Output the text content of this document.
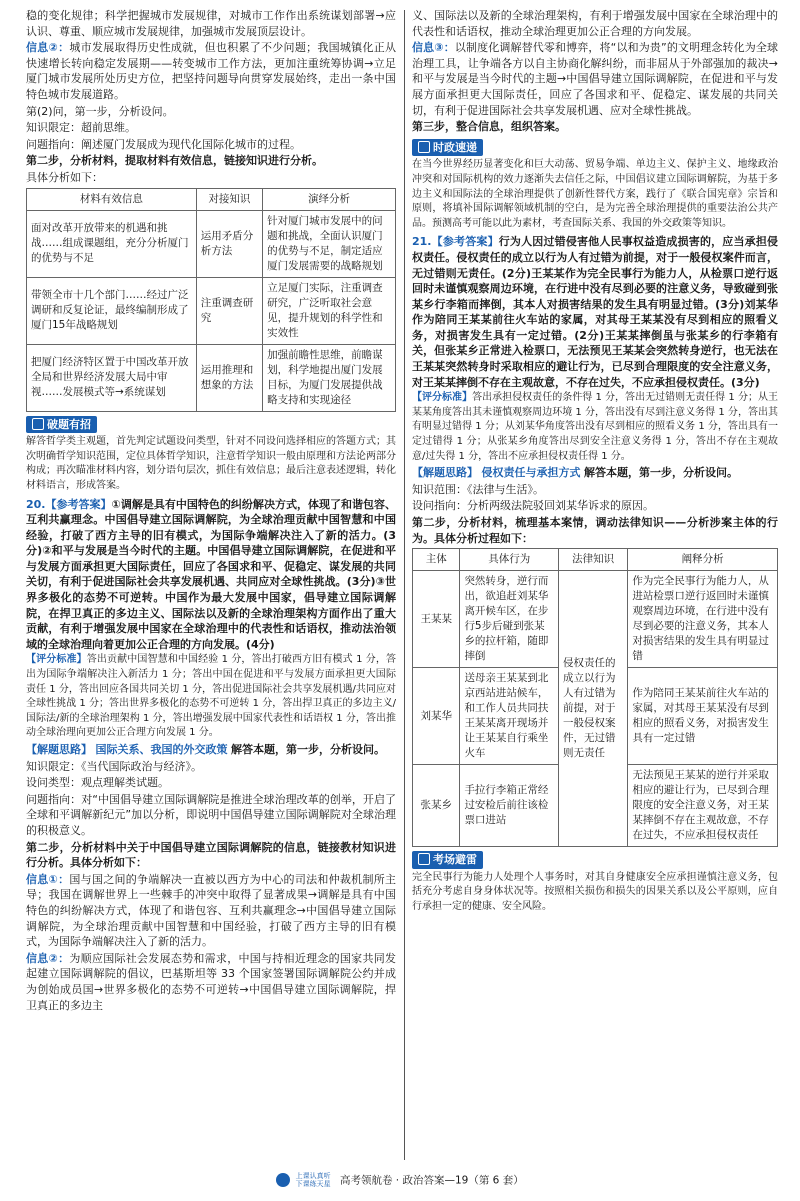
稳的变化规律；科学把握城市发展规律，对城市工作作出系统谋划部署→应认识、尊重、顺应城市发展规律，加强城市发展顶层设计。

信息②：城市发展取得历史性成就，但也积累了不少问题；我国城镇化正从快速增长转向稳定发展期——转变城市工作方法，更加注重统筹协调→立足厦门城市发展所处历史方位，把坚持问题导向贯穿发展始终，走出一条中国特色城市发展道路。

第(2)问，第一步，分析设问。

知识限定：超前思维。

问题指向：阐述厦门发展成为现代化国际化城市的过程。

第二步，分析材料，提取材料有效信息，链接知识进行分析。

具体分析如下：

材料有效信息	对接知识	演绎分析
面对改革开放带来的机遇和挑战……组成课题组，充分分析厦门的优势与不足	运用矛盾分析方法	针对厦门城市发展中的问题和挑战，全面认识厦门的优势与不足，制定适应厦门发展需要的战略规划
带领全市十几个部门……经过广泛调研和反复论证，最终编制形成了厦门15年战略规划	注重调查研究	立足厦门实际，注重调查研究，广泛听取社会意见，提升规划的科学性和实效性
把厦门经济特区置于中国改革开放全局和世界经济发展大局中审视……发展模式等→系统谋划	运用推理和想象的方法	加强前瞻性思维，前瞻谋划，科学地提出厦门发展目标，为厦门发展提供战略支持和实现途径
破题有招

解答哲学类主观题，首先判定试题设问类型，针对不同设问选择相应的答题方式；其次明确哲学知识范围，定位具体哲学知识，注意哲学知识一般由原理和方法论两部分构成；再次瞄准材料内容，划分语句层次，抓住有效信息；最后注意表述逻辑，转化材料语言，形成答案。

20.【参考答案】①调解是具有中国特色的纠纷解决方式，体现了和谐包容、互利共赢理念。中国倡导建立国际调解院，为全球治理贡献中国智慧和中国经验，打破了西方主导的旧有模式，为国际争端解决注入了新的活力。(3分)②和平与发展是当今时代的主题。中国倡导建立国际调解院，在促进和平与发展方面承担更大国际责任，回应了各国求和平、促稳定、谋发展的共同关切，有利于促进国际社会共享发展机遇、共同应对全球性挑战。(3分)③世界多极化的态势不可逆转。中国作为最大发展中国家，倡导建立国际调解院，在捍卫真正的多边主义、国际法以及新的全球治理架构方面作出了重大贡献，有利于增强发展中国家在全球治理中的代表性和话语权，推动法治领域的全球治理向着更加公正合理的方向发展。(4分)

【评分标准】答出贡献中国智慧和中国经验 1 分，答出打破西方旧有模式 1 分，答出为国际争端解决注入新活力 1 分；答出中国在促进和平与发展方面承担更大国际责任 1 分，答出回应各国共同关切 1 分，答出促进国际社会共享发展机遇/共同应对全球性挑战 1 分；答出世界多极化的态势不可逆转 1 分，答出捍卫真正的多边主义/国际法/新的全球治理架构 1 分，答出增强发展中国家代表性和话语权 1 分，答出推动全球治理向更加公正合理方向发展 1 分。

【解题思路】 国际关系、我国的外交政策 解答本题，第一步，分析设问。

知识限定：《当代国际政治与经济》。

设问类型：观点理解类试题。

问题指向：对“中国倡导建立国际调解院是推进全球治理改革的创举，开启了全球和平调解新纪元”加以分析，即说明中国倡导建立国际调解院对全球治理的积极意义。

第二步，分析材料中关于中国倡导建立国际调解院的信息，链接教材知识进行分析。具体分析如下：

信息①：国与国之间的争端解决一直被以西方为中心的司法和仲裁机制所主导；我国在调解世界上一些棘手的冲突中取得了显著成果→调解是具有中国特色的纠纷解决方式，体现了和谐包容、互利共赢理念→中国倡导建立国际调解院，为全球治理贡献中国智慧和中国经验，打破了西方主导的旧有模式，为国际争端解决注入了新的活力。

信息②：为顺应国际社会发展态势和需求，中国与持相近理念的国家共同发起建立国际调解院的倡议，巴基斯坦等 33 个国家签署国际调解院公约并成为创始成员国→世界多极化的态势不可逆转→中国倡导建立国际调解院，捍卫真正的多边主

义、国际法以及新的全球治理架构，有利于增强发展中国家在全球治理中的代表性和话语权，推动全球治理更加公正合理的方向发展。

信息③：以制度化调解替代零和博弈，将“以和为贵”的文明理念转化为全球治理工具，让争端各方以自主协商化解纠纷，而非屈从于外部强加的裁决→和平与发展是当今时代的主题→中国倡导建立国际调解院，在促进和平与发展方面承担更大国际责任，回应了各国求和平、促稳定、谋发展的共同关切，有利于促进国际社会共享发展机遇、应对全球性挑战。

第三步，整合信息，组织答案。

时政速递

在当今世界经历显著变化和巨大动荡、贸易争端、单边主义、保护主义、地缘政治冲突和对国际机构的效力逐渐失去信任之际，中国倡议建立国际调解院，为基于多边主义和国际法的全球治理提供了创新性替代方案，践行了《联合国宪章》宗旨和原则，将填补国际调解领域机制的空白，是为完善全球治理提供的重要法治公共产品。预测高考可能以此为素材，考查国际关系、我国的外交政策等知识。

21.【参考答案】行为人因过错侵害他人民事权益造成损害的，应当承担侵权责任。侵权责任的成立以行为人有过错为前提，对于一般侵权案件而言，无过错则无责任。(2分)王某某作为完全民事行为能力人，从检票口逆行返回时未谨慎观察周边环境，在行进中没有尽到必要的注意义务，导致碰到张某乡行李箱而摔倒，其本人对损害结果的发生具有明显过错。(3分)刘某华作为陪同王某某前往火车站的家属，对其母王某某没有尽到相应的照看义务，对损害发生具有一定过错。(2分)王某某摔倒虽与张某乡的行李箱有关，但张某乡正常进入检票口，无法预见王某某会突然转身逆行，也无法在王某某突然转身时采取相应的避让行为，已尽到合理限度的安全注意义务，对王某某摔倒不存在主观故意，不存在过失，不应承担侵权责任。(3分)

【评分标准】答出承担侵权责任的条件得 1 分，答出无过错则无责任得 1 分；从王某某角度答出其未谨慎观察周边环境 1 分，答出没有尽到注意义务得 1 分，答出其有明显过错得 1 分；从刘某华角度答出没有尽到相应的照看义务 1 分，答出具有一定过错得 1 分；从张某乡角度答出尽到安全注意义务得 1 分，答出不存在主观故意/过失得 1 分，答出不应承担侵权责任得 1 分。

【解题思路】 侵权责任与承担方式 解答本题，第一步，分析设问。

知识范围：《法律与生活》。

设问指向：分析两级法院驳回刘某华诉求的原因。

第二步，分析材料，梳理基本案情，调动法律知识——分析涉案主体的行为。具体分析过程如下：

主体	具体行为	法律知识	阐释分析
王某某	突然转身，逆行而出，欲追赶刘某华离开候车区，在步行5步后碰到张某乡的拉杆箱，随即摔倒	侵权责任的成立以行为人有过错为前提，对于一般侵权案件，无过错则无责任	作为完全民事行为能力人，从进站检票口逆行返回时未谨慎观察周边环境，在行进中没有尽到必要的注意义务，其本人对损害结果的发生具有明显过错
刘某华	送母亲王某某到北京西站进站候车，和工作人员共同扶王某某离开现场并让王某某自行乘坐火车		作为陪同王某某前往火车站的家属，对其母王某某没有尽到相应的照看义务，对损害发生具有一定过错
张某乡	手拉行李箱正常经过安检后前往该检票口进站		无法预见王某某的逆行并采取相应的避让行为，已尽到合理限度的安全注意义务，对王某某摔倒不存在主观故意，不存在过失，不应承担侵权责任
考场避雷

完全民事行为能力人处理个人事务时，对其自身健康安全应承担谨慎注意义务，包括充分考虑自身身体状况等。按照相关损伤和损失的因果关系以及公平原则，应自行承担一定的健康、安全风险。

上课认真听
下课练天星 高考领航卷 · 政治答案—19（第 6 套）
